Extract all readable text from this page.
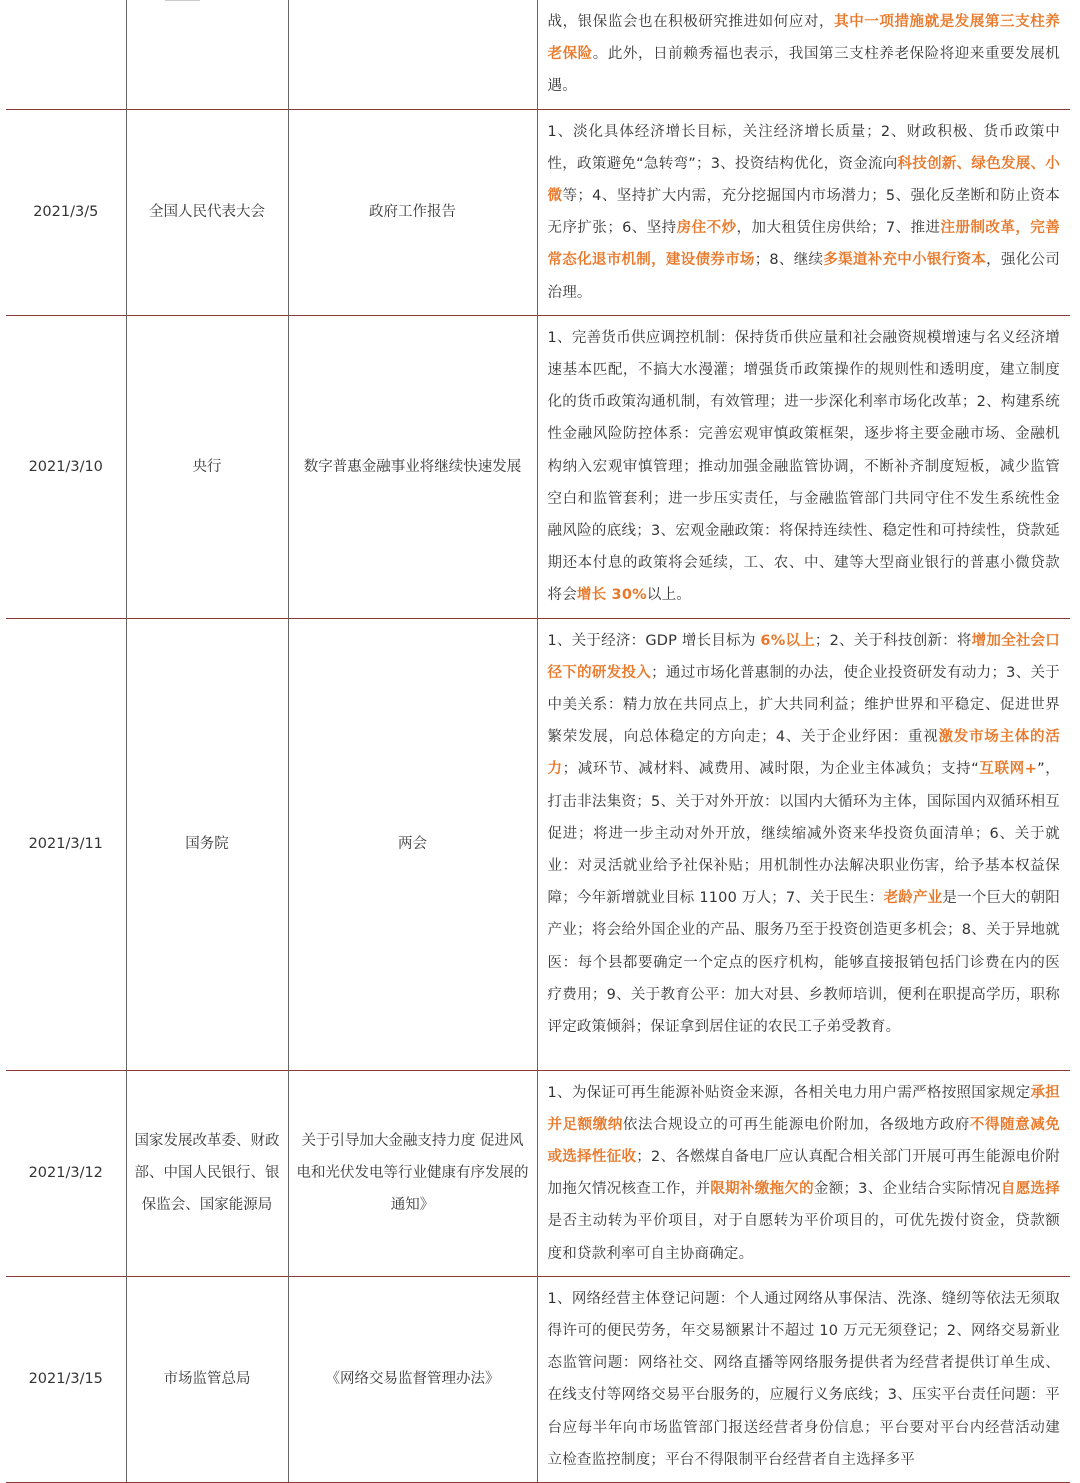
			战，银保监会也在积极研究推进如何应对，其中一项措施就是发展第三支柱养老保险。此外，日前赖秀福也表示，我国第三支柱养老保险将迎来重要发展机遇。
2021/3/5	全国人民代表大会	政府工作报告	1、淡化具体经济增长目标，关注经济增长质量；2、财政积极、货币政策中性，政策避免“急转弯”；3、投资结构优化，资金流向科技创新、绿色发展、小微等；4、坚持扩大内需，充分挖掘国内市场潜力；5、强化反垄断和防止资本无序扩张；6、坚持房住不炒，加大租赁住房供给；7、推进注册制改革，完善常态化退市机制，建设债券市场；8、继续多渠道补充中小银行资本，强化公司治理。
2021/3/10	央行	数字普惠金融事业将继续快速发展	1、完善货币供应调控机制：保持货币供应量和社会融资规模增速与名义经济增速基本匹配，不搞大水漫灌；增强货币政策操作的规则性和透明度，建立制度化的货币政策沟通机制，有效管理；进一步深化利率市场化改革；2、构建系统性金融风险防控体系：完善宏观审慎政策框架，逐步将主要金融市场、金融机构纳入宏观审慎管理；推动加强金融监管协调，不断补齐制度短板，减少监管空白和监管套利；进一步压实责任，与金融监管部门共同守住不发生系统性金融风险的底线；3、宏观金融政策：将保持连续性、稳定性和可持续性，贷款延期还本付息的政策将会延续，工、农、中、建等大型商业银行的普惠小微贷款将会增长 30%以上。
2021/3/11	国务院	两会	1、关于经济：GDP 增长目标为 6%以上；2、关于科技创新：将增加全社会口径下的研发投入；通过市场化普惠制的办法，使企业投资研发有动力；3、关于中美关系：精力放在共同点上，扩大共同利益；维护世界和平稳定、促进世界繁荣发展，向总体稳定的方向走；4、关于企业纾困：重视激发市场主体的活力；减环节、减材料、减费用、减时限，为企业主体减负；支持“互联网+”，打击非法集资；5、关于对外开放：以国内大循环为主体，国际国内双循环相互促进；将进一步主动对外开放，继续缩减外资来华投资负面清单；6、关于就业：对灵活就业给予社保补贴；用机制性办法解决职业伤害，给予基本权益保障；今年新增就业目标 1100 万人；7、关于民生：老龄产业是一个巨大的朝阳产业；将会给外国企业的产品、服务乃至于投资创造更多机会；8、关于异地就医：每个县都要确定一个定点的医疗机构，能够直接报销包括门诊费在内的医疗费用；9、关于教育公平：加大对县、乡教师培训，便利在职提高学历，职称评定政策倾斜；保证拿到居住证的农民工子弟受教育。
2021/3/12	国家发展改革委、财政部、中国人民银行、银保监会、国家能源局	关于引导加大金融支持力度 促进风电和光伏发电等行业健康有序发展的通知》	1、为保证可再生能源补贴资金来源，各相关电力用户需严格按照国家规定承担并足额缴纳依法合规设立的可再生能源电价附加，各级地方政府不得随意减免或选择性征收；2、各燃煤自备电厂应认真配合相关部门开展可再生能源电价附加拖欠情况核查工作，并限期补缴拖欠的金额；3、企业结合实际情况自愿选择是否主动转为平价项目，对于自愿转为平价项目的，可优先拨付资金，贷款额度和贷款利率可自主协商确定。
2021/3/15	市场监管总局	《网络交易监督管理办法》	1、网络经营主体登记问题：个人通过网络从事保洁、洗涤、缝纫等依法无须取得许可的便民劳务，年交易额累计不超过 10 万元无须登记；2、网络交易新业态监管问题：网络社交、网络直播等网络服务提供者为经营者提供订单生成、在线支付等网络交易平台服务的，应履行义务底线；3、压实平台责任问题：平台应每半年向市场监管部门报送经营者身份信息；平台要对平台内经营活动建立检查监控制度；平台不得限制平台经营者自主选择多平
